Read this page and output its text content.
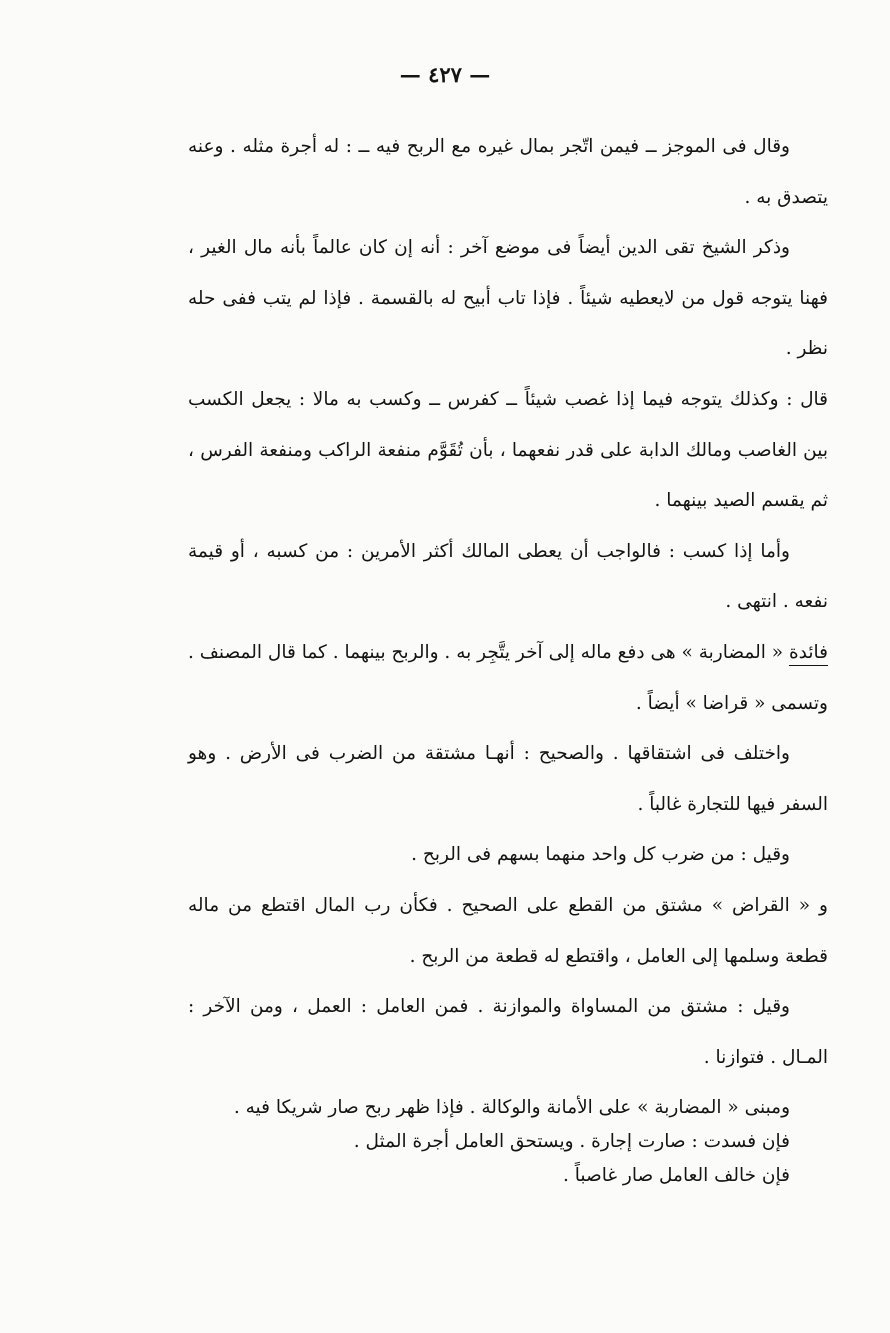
— ٤٢٧ —

وقال فى الموجز ــ فيمن اتّجر بمال غيره مع الربح فيه ــ : له أجرة مثله . وعنه يتصدق به .

وذكر الشيخ تقى الدين أيضاً فى موضع آخر : أنه إن كان عالماً بأنه مال الغير ، فهنا يتوجه قول من لايعطيه شيئاً . فإذا تاب أبيح له بالقسمة . فإذا لم يتب ففى حله نظر .

قال : وكذلك يتوجه فيما إذا غصب شيئاً ــ كفرس ــ وكسب به مالا : يجعل الكسب بين الغاصب ومالك الدابة على قدر نفعهما ، بأن تُقَوَّم منفعة الراكب ومنفعة الفرس ، ثم يقسم الصيد بينهما .

وأما إذا كسب : فالواجب أن يعطى المالك أكثر الأمرين : من كسبه ، أو قيمة نفعه . انتهى .

فائدة « المضاربة » هى دفع ماله إلى آخر يتَّجِر به . والربح بينهما . كما قال المصنف . وتسمى « قراضا » أيضاً .

واختلف فى اشتقاقها . والصحيح : أنهـا مشتقة من الضرب فى الأرض . وهو السفر فيها للتجارة غالباً .

وقيل : من ضرب كل واحد منهما بسهم فى الربح .

و « القراض » مشتق من القطع على الصحيح . فكأن رب المال اقتطع من ماله قطعة وسلمها إلى العامل ، واقتطع له قطعة من الربح .

وقيل : مشتق من المساواة والموازنة . فمن العامل : العمل ، ومن الآخر : المـال . فتوازنا .

ومبنى « المضاربة » على الأمانة والوكالة . فإذا ظهر ربح صار شريكا فيه .

فإن فسدت : صارت إجارة . ويستحق العامل أجرة المثل .

فإن خالف العامل صار غاصباً .
